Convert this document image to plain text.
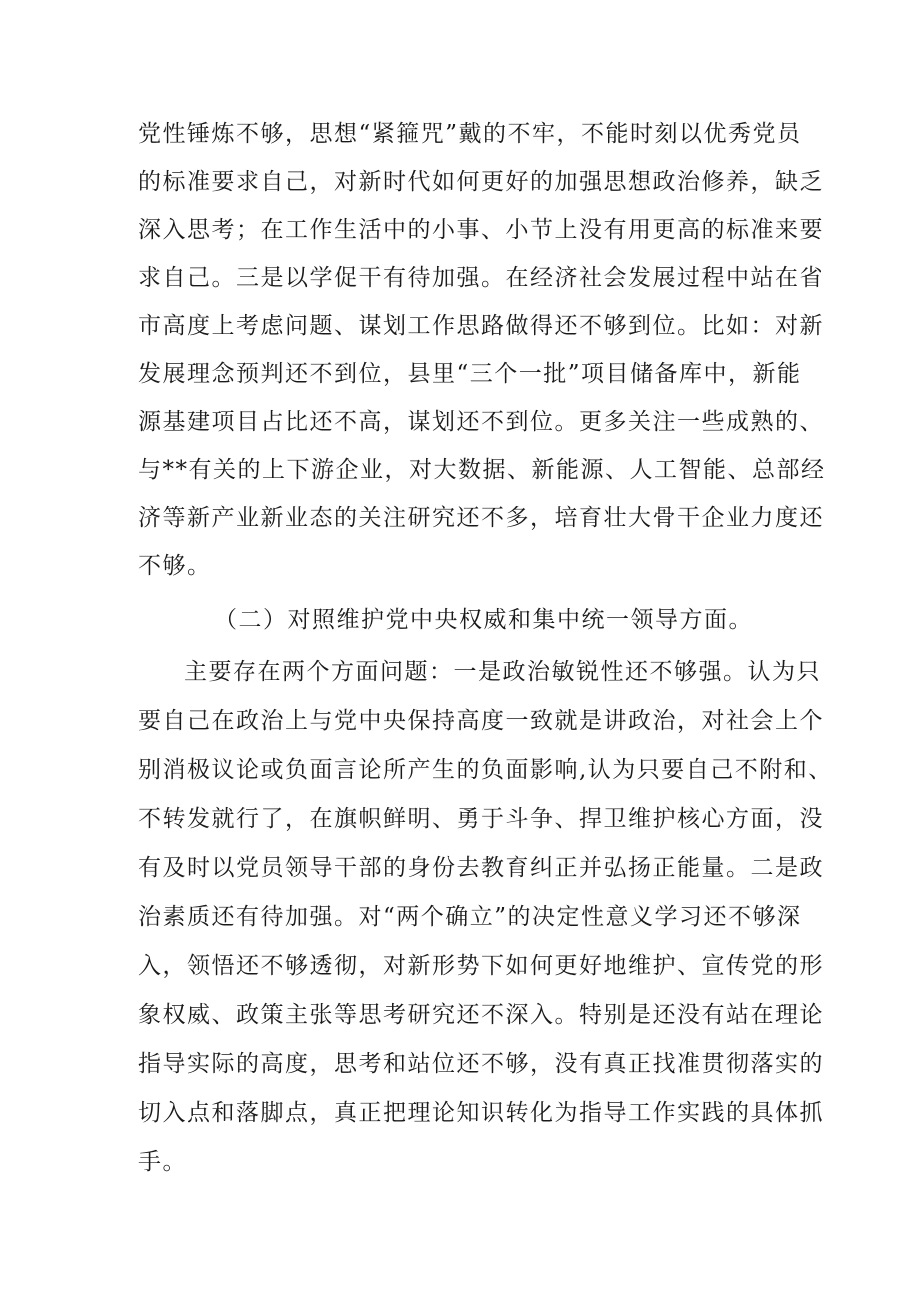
党性锤炼不够，思想“紧箍咒”戴的不牢，不能时刻以优秀党员
的标准要求自己，对新时代如何更好的加强思想政治修养，缺乏
深入思考；在工作生活中的小事、小节上没有用更高的标准来要
求自己。三是以学促干有待加强。在经济社会发展过程中站在省
市高度上考虑问题、谋划工作思路做得还不够到位。比如：对新
发展理念预判还不到位，县里“三个一批”项目储备库中，新能
源基建项目占比还不高，谋划还不到位。更多关注一些成熟的、
与**有关的上下游企业，对大数据、新能源、人工智能、总部经
济等新产业新业态的关注研究还不多，培育壮大骨干企业力度还
不够。
（二）对照维护党中央权威和集中统一领导方面。
主要存在两个方面问题：一是政治敏锐性还不够强。认为只
要自己在政治上与党中央保持高度一致就是讲政治，对社会上个
别消极议论或负面言论所产生的负面影响,认为只要自己不附和、
不转发就行了，在旗帜鲜明、勇于斗争、捍卫维护核心方面，没
有及时以党员领导干部的身份去教育纠正并弘扬正能量。二是政
治素质还有待加强。对“两个确立”的决定性意义学习还不够深
入，领悟还不够透彻，对新形势下如何更好地维护、宣传党的形
象权威、政策主张等思考研究还不深入。特别是还没有站在理论
指导实际的高度，思考和站位还不够，没有真正找准贯彻落实的
切入点和落脚点，真正把理论知识转化为指导工作实践的具体抓
手。
